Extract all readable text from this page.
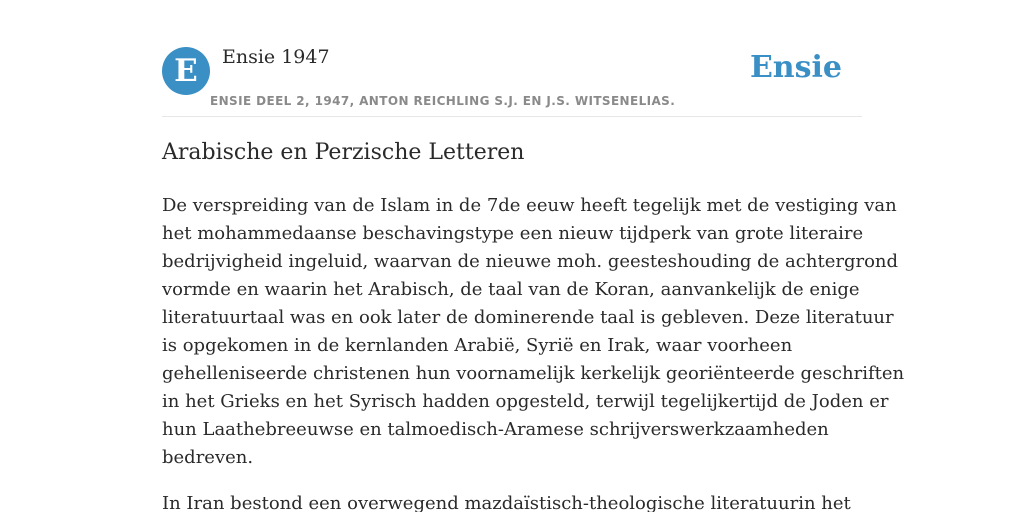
E	Ensie 1947
ENSIE DEEL 2, 1947, ANTON REICHLING S.J. EN J.S. WITSENELIAS.
Ensie
Arabische en Perzische Letteren

De verspreiding van de Islam in de 7de eeuw heeft tegelijk met de vestiging van
het mohammedaanse beschavingstype een nieuw tijdperk van grote literaire
bedrijvigheid ingeluid, waarvan de nieuwe moh. geesteshouding de achtergrond
vormde en waarin het Arabisch, de taal van de Koran, aanvankelijk de enige
literatuurtaal was en ook later de dominerende taal is gebleven. Deze literatuur
is opgekomen in de kernlanden Arabië, Syrië en Irak, waar voorheen
gehelleniseerde christenen hun voornamelijk kerkelijk georiënteerde geschriften
in het Grieks en het Syrisch hadden opgesteld, terwijl tegelijkertijd de Joden er
hun Laathebreeuwse en talmoedisch-Aramese schrijverswerkzaamheden
bedreven.

In Iran bestond een overwegend mazdaïstisch-theologische literatuurin het
